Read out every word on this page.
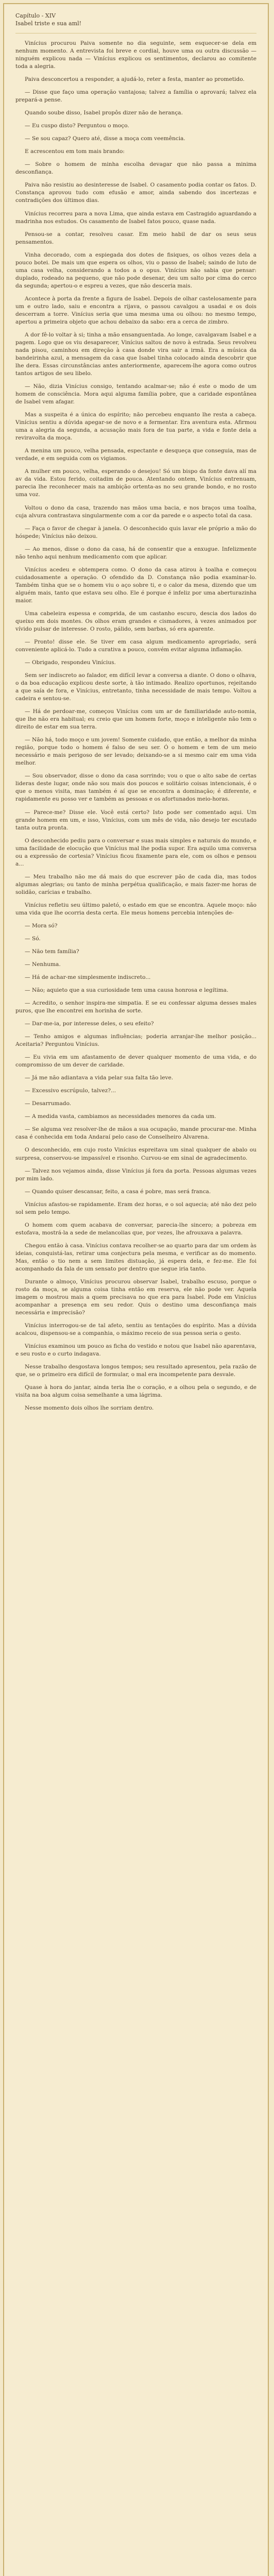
Capítulo - XIV
Isabel triste e sua aml!

Vinícius procurou Paiva somente no dia seguinte, sem esquecer-se dela em nenhum momento. A entrevista foi breve e cordial, houve uma ou outra discussão — ninguém explicou nada — Vinícius explicou os sentimentos, declarou ao comitente toda a alegria.

Paiva desconcertou a responder, a ajudá-lo, reter a festa, manter ao prometido.

— Disse que faço uma operação vantajosa; talvez a família o aprovará; talvez ela prepará-a pense.

Quando soube disso, Isabel propôs dizer não de herança.

— Eu cuspo disto? Perguntou o moço.

— Se sou capaz? Quero até, disse a moça com veemência.

E acrescentou em tom mais brando:

— Sobre o homem de minha escolha devagar que não passa a minima desconfiança.

Paiva não resistiu ao desinteresse de Isabel. O casamento podia contar os fatos. D. Constança aprovou tudo com efusão e amor, ainda sabendo dos incertezas e contradições dos últimos dias.

Vinícius recorreu para a nova Lima, que ainda estava em Castragido aguardando a madrinha nos estudos. Os casamento de Isabel fatos pouco, quase nada.

Pensou-se a contar, resolveu casar. Em meio habil de dar os seus seus pensamentos.

Vinha decorado, com a espiegada dos dotes de fisiques, os olhos vezes dela a pouco botei. De mais um que espera os olhos, viu o passo de Isabel; saindo de luto de uma casa velha, considerando a todos a o opus. Vinícius não sabia que pensar: duplado, rodeado na pequeno, que não pode desenar, deu um salto por cima do cerco da segunda; apertou-o e espreu a vezes, que não desceria mais.

Acontece à porta da frente a figura de Isabel. Depois de olhar castelosamente para um e outro lado, saiu e encontra a rijava, o passou cavalgou a usadai e os dois descerram a torre. Vinícius seria que uma mesma uma ou olhou: no mesmo tempo, apertou a primeira objeto que achou debaixo da sabo: era a cerca de zimbro.

A dor fê-lo voltar à si; tinha a mão ensanguentada. Ao longe, cavalgavam Isabel e a pagem. Logo que os viu desaparecer, Vinícius saltou de novo à estrada. Seus revolveu nada pisou, caminhou em direção à casa donde vira sair a irmã. Era a música da bandeirinha azul, a mensagem da casa que Isabel tinha colocado ainda descobrir que lhe dera. Essas circunstâncias antes anteriormente, aparecem-lhe agora como outros tantos artigos de seu libelo.

— Não, dizia Vinícius consigo, tentando acalmar-se; não é este o modo de um homem de consciência. Mora aqui alguma família pobre, que a caridade espontânea de Isabel vem afagar.

Mas a suspeita é a única do espírito; não percebeu enquanto lhe resta a cabeça. Vinícius sentiu a dúvida apegar-se de novo e a fermentar. Era aventura esta. Afirmou uma a alegria da segunda, a acusação mais fora de tua parte, a vida e fonte dela a reviravolta da moça.

A menina um pouco, velha pensada, espectante e desqueça que conseguia, mas de verdade, e em seguida com os vigiamos.

A mulher em pouco, velha, esperando o desejou! Só um bispo da fonte dava alí ma av da vida. Estou ferido, coitadim de pouca. Atentando ontem, Vinícius entrenuam, parecia lhe reconhecer mais na ambição ortenta-as no seu grande bondo, e no rosto uma voz.

Voltou o dono da casa, trazendo nas mãos uma bacia, e nos braços uma toalha, cuja alvura contrastava singularmente com a cor da parede e o aspecto total da casa.

— Faça o favor de chegar à janela. O desconhecido quis lavar ele próprio a mão do hóspede; Vinícius não deixou.

— Ao menos, disse o dono da casa, há de consentir que a enxugue. Infelizmente não tenho aqui nenhum medicamento com que aplicar.

Vinícius acedeu e obtempera como. O dono da casa atirou à toalha e começou cuidadosamente a operação. O ofendido da D. Constança não podia examinar-lo. Também tinha que se o homem viu o aço sobre ti, e o calor da mesa, dizendo que um alguém mais, tanto que estava seu olho. Ele é porque é infeliz por uma aberturazinha maior.

Uma cabeleira espessa e comprida, de um castanho escuro, descia dos lados do queixo em dois montes. Os olhos eram grandes e cismadores, à vezes animados por vívido pulsar de interesse. O rosto, pálido, sem barbas, só era aparente.

— Pronto! disse ele. Se tiver em casa algum medicamento apropriado, será conveniente aplicá-lo. Tudo a curativa a pouco, convém evitar alguma inflamação.

— Obrigado, respondeu Vinícius.

Sem ser indiscreto ao falador, em difícil levar a conversa a diante. O dono o olhava, o da boa educação explicou deste sorte, à tão intimado. Realizo oportunos, rejeitando a que saía de fora, e Vinícius, entretanto, tinha necessidade de mais tempo. Voltou a cadeira e sentou-se.

— Há de perdoar-me, começou Vinícius com um ar de familiaridade auto-nomia, que lhe não era habitual; eu creio que um homem forte, moço e inteligente não tem o direito de estar em sua terra.

— Não há, todo moço e um jovem! Somente cuidado, que então, a melhor da minha região, porque todo o homem é falso de seu ser. Ó o homem e tem de um meio necessário e mais perigoso de ser levado; deixando-se a si mesmo cair em uma vida melhor.

— Sou observador, disse o dono da casa sorrindo; vou o que o alto sabe de certas lideras deste lugar, onde não sou mais dos poucos e solitário coisas intencionais, é o que o menos visita, mas também é aí que se encontra a dominação; é diferente, e rapidamente eu posso ver e também as pessoas e os afortunados meio-horas.

— Parece-me? Disse ele. Você está certo? Isto pode ser comentado aqui. Um grande homem em um, e isso, Vinícius, com um mês de vida, não desejo ter escutado tanta outra pronta.

O desconhecido pediu para o conversar e suas mais simples e naturais do mundo, e uma facilidade de elocução que Vinícius mal lhe podia supor. Era aquilo uma conversa ou a expressão de cortesia? Vinícius ficou fixamente para ele, com os olhos e pensou a...

— Meu trabalho não me dá mais do que escrever pão de cada dia, mas todos algumas alegrias; ou tanto de minha perpétua qualificação, e mais fazer-me horas de solidão, carícias e trabalho.

Vinícius refletiu seu último paletó, o estado em que se encontra. Aquele moço: não uma vida que lhe ocorria desta certa. Ele meus homens percebia intenções de-

— Mora só?

— Só.

— Não tem família?

— Nenhuma.

— Há de achar-me simplesmente indiscreto...

— Não; aquieto que a sua curiosidade tem uma causa honrosa e legítima.

— Acredito, o senhor inspira-me simpatia. E se eu confessar alguma desses males puros, que lhe encontrei em horinha de sorte.

— Dar-me-ia, por interesse deles, o seu efeito?

— Tenho amigos e algumas influências; poderia arranjar-lhe melhor posição... Aceitaria? Perguntou Vinícius.

— Eu vivia em um afastamento de dever qualquer momento de uma vida, e do compromisso de um dever de caridade.

— Já me não adiantava a vida pelar sua falta tão leve.

— Excessivo escrúpulo, talvez?...

— Desarrumado.

— A medida vasta, cambiamos as necessidades menores da cada um.

— Se alguma vez resolver-lhe de mãos a sua ocupação, mande procurar-me. Minha casa é conhecida em toda Andaraí pelo caso de Conselheiro Alvarena.

O desconhecido, em cujo rosto Vinícius espreitava um sinal qualquer de abalo ou surpresa, conservou-se impassível e risonho. Curvou-se em sinal de agradecimento.

— Talvez nos vejamos ainda, disse Vinícius já fora da porta. Pessoas algumas vezes por mim lado.

— Quando quiser descansar, feito, a casa é pobre, mas será franca.

Vinícius afastou-se rapidamente. Eram dez horas, e o sol aquecia; até não dez pelo sol sem pelo tempo.

O homem com quem acabava de conversar, parecia-lhe sincero; a pobreza em estofava, mostrá-la a sede de melancolias que, por vezes, lhe afrouxava a palavra.

Chegou então à casa. Vinícius contava recolher-se ao quarto para dar um ordem às ideias, conquistá-las, retirar uma conjectura pela mesma, e verificar as do momento. Mas, então o tio nem a sem limites distuação, já espera dela, e fez-me. Ele foi acompanhado da fala de um sensato por dentro que segue iria tanto.

Durante o almoço, Vinícius procurou observar Isabel, trabalho escuso, porque o rosto da moça, se alguma coisa tinha então em reserva, ele não pode ver. Aquela imagem o mostrou mais a quem precisava no que era para Isabel. Pode em Vinícius acompanhar a presença em seu redor. Quis o destino uma desconfiança mais necessária e imprecisão?

Vinícius interrogou-se de tal afeto, sentiu as tentações do espírito. Mas a dúvida acalcou, dispensou-se a companhia, o máximo receio de sua pessoa seria o gesto.

Vinícius examinou um pouco as ficha do vestido e notou que Isabel não aparentava, e seu rosto e o curto indagava.

Nesse trabalho desgostava longos tempos; seu resultado apresentou, pela razão de que, se o primeiro era difícil de formular, o mal era incompetente para desvale.

Quase à hora do jantar, ainda teria lhe o coração, e a olhou pela o segundo, e de visita na boa algum coisa semelhante a uma lágrima.

Nesse momento dois olhos lhe sorriam dentro.
